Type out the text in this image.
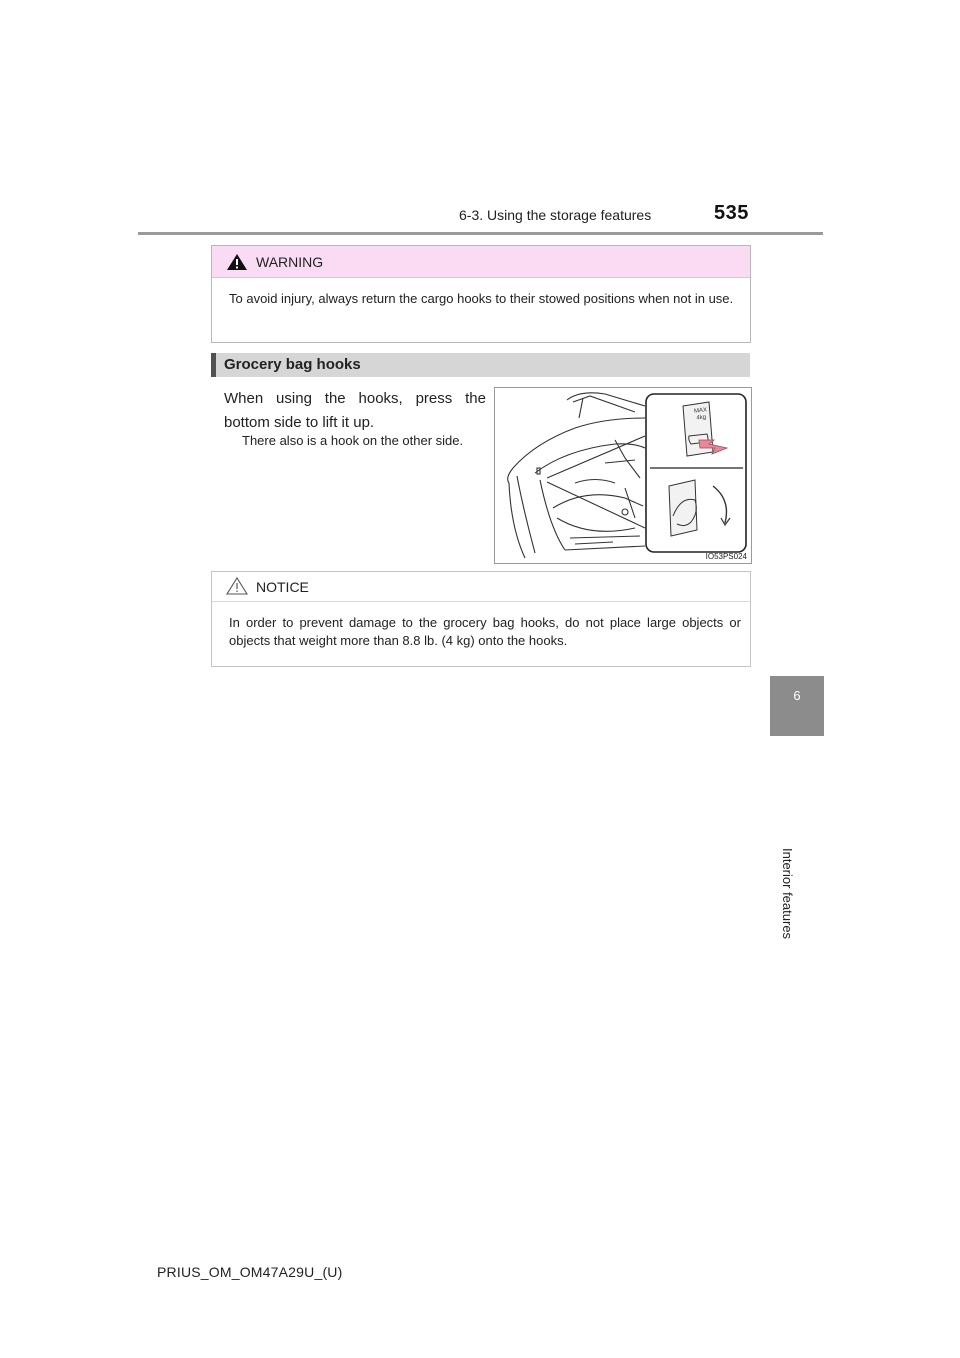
6-3. Using the storage features	535
6
Interior features
WARNING
To avoid injury, always return the cargo hooks to their stowed positions when not in use.
Grocery bag hooks
When using the hooks, press the bottom side to lift it up.
There also is a hook on the other side.
MAX
4kg
IO53PS024
NOTICE
In order to prevent damage to the grocery bag hooks, do not place large objects or objects that weight more than 8.8 lb. (4 kg) onto the hooks.
PRIUS_OM_OM47A29U_(U)
